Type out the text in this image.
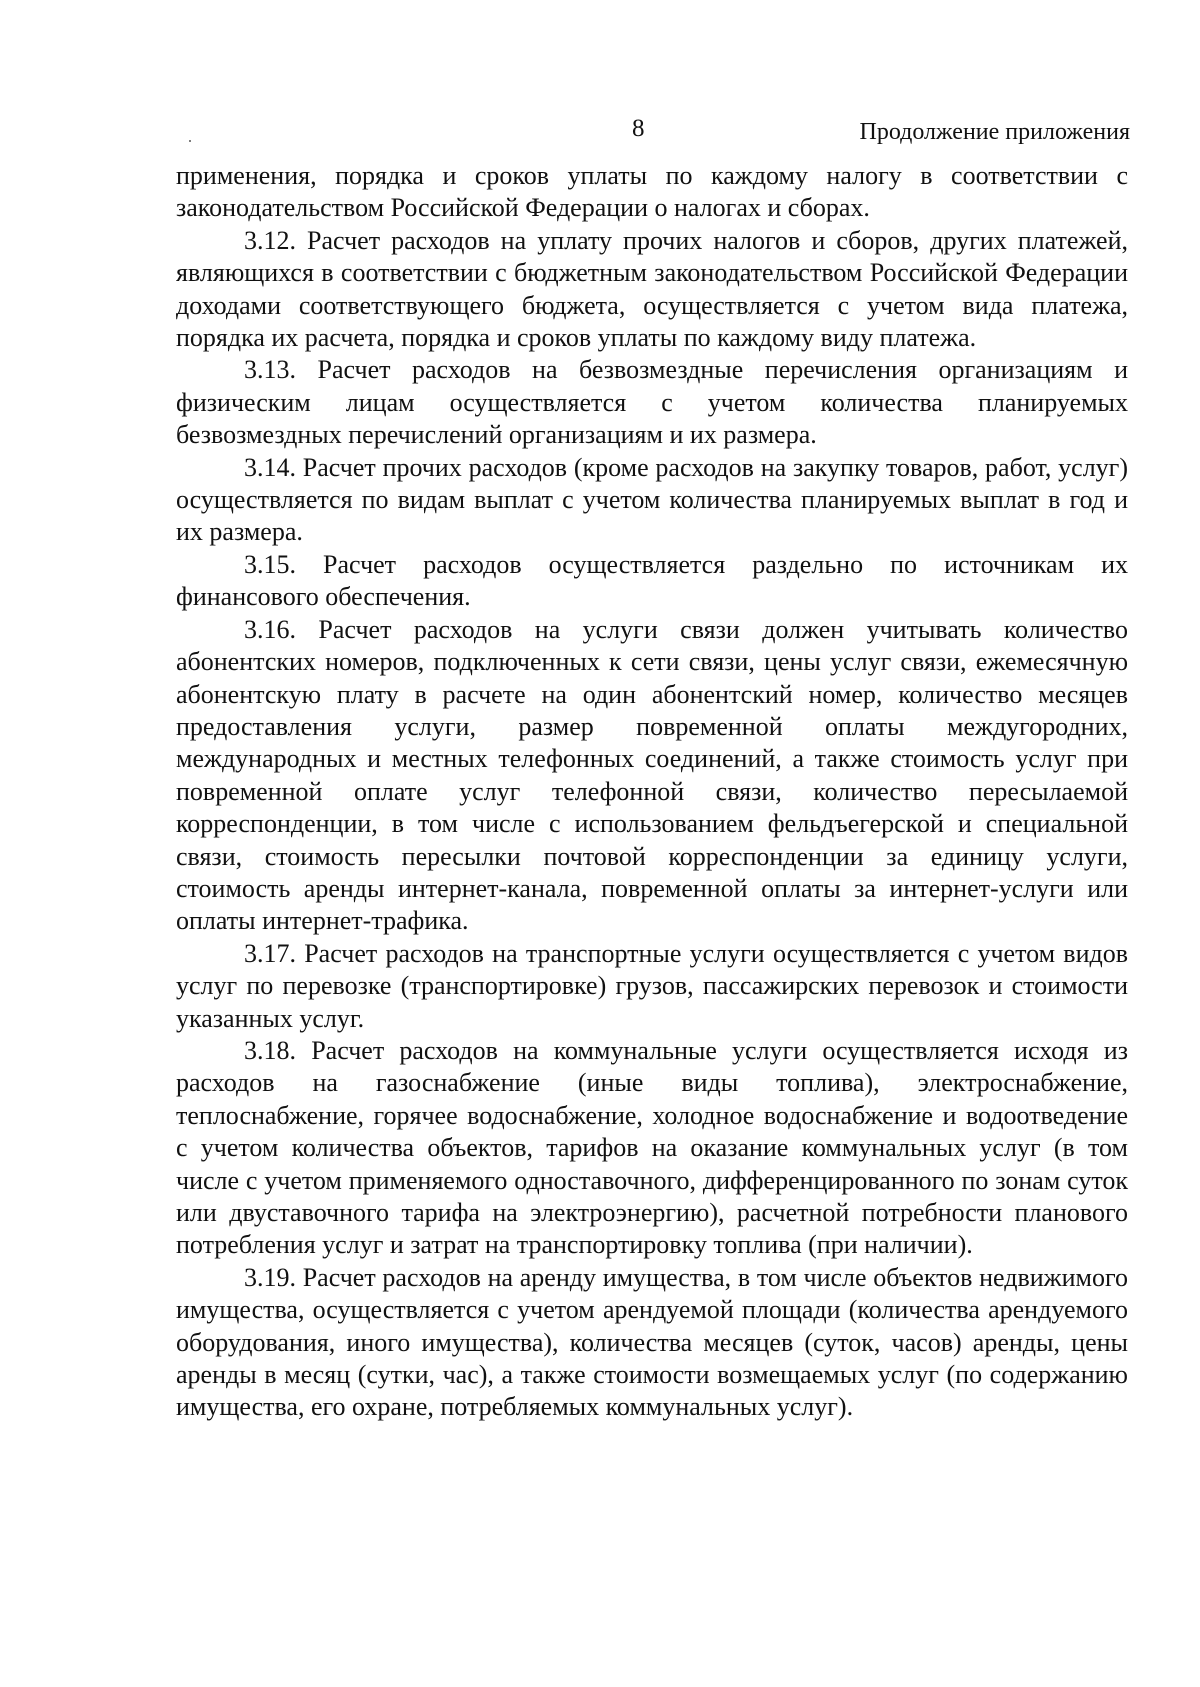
8	Продолжение приложения

применения, порядка и сроков уплаты по каждому налогу в соответствии с законодательством Российской Федерации о налогах и сборах.

3.12. Расчет расходов на уплату прочих налогов и сборов, других платежей, являющихся в соответствии с бюджетным законодательством Российской Федерации доходами соответствующего бюджета, осуществляется с учетом вида платежа, порядка их расчета, порядка и сроков уплаты по каждому виду платежа.

3.13. Расчет расходов на безвозмездные перечисления организациям и физическим лицам осуществляется с учетом количества планируемых безвозмездных перечислений организациям и их размера.

3.14. Расчет прочих расходов (кроме расходов на закупку товаров, работ, услуг) осуществляется по видам выплат с учетом количества планируемых выплат в год и их размера.

3.15. Расчет расходов осуществляется раздельно по источникам их финансового обеспечения.

3.16. Расчет расходов на услуги связи должен учитывать количество абонентских номеров, подключенных к сети связи, цены услуг связи, ежемесячную абонентскую плату в расчете на один абонентский номер, количество месяцев предоставления услуги, размер повременной оплаты междугородних, международных и местных телефонных соединений, а также стоимость услуг при повременной оплате услуг телефонной связи, количество пересылаемой корреспонденции, в том числе с использованием фельдъегерской и специальной связи, стоимость пересылки почтовой корреспонденции за единицу услуги, стоимость аренды интернет-канала, повременной оплаты за интернет-услуги или оплаты интернет-трафика.

3.17. Расчет расходов на транспортные услуги осуществляется с учетом видов услуг по перевозке (транспортировке) грузов, пассажирских перевозок и стоимости указанных услуг.

3.18. Расчет расходов на коммунальные услуги осуществляется исходя из расходов на газоснабжение (иные виды топлива), электроснабжение, теплоснабжение, горячее водоснабжение, холодное водоснабжение и водоотведение с учетом количества объектов, тарифов на оказание коммунальных услуг (в том числе с учетом применяемого одноставочного, дифференцированного по зонам суток или двуставочного тарифа на электроэнергию), расчетной потребности планового потребления услуг и затрат на транспортировку топлива (при наличии).

3.19. Расчет расходов на аренду имущества, в том числе объектов недвижимого имущества, осуществляется с учетом арендуемой площади (количества арендуемого оборудования, иного имущества), количества месяцев (суток, часов) аренды, цены аренды в месяц (сутки, час), а также стоимости возмещаемых услуг (по содержанию имущества, его охране, потребляемых коммунальных услуг).
